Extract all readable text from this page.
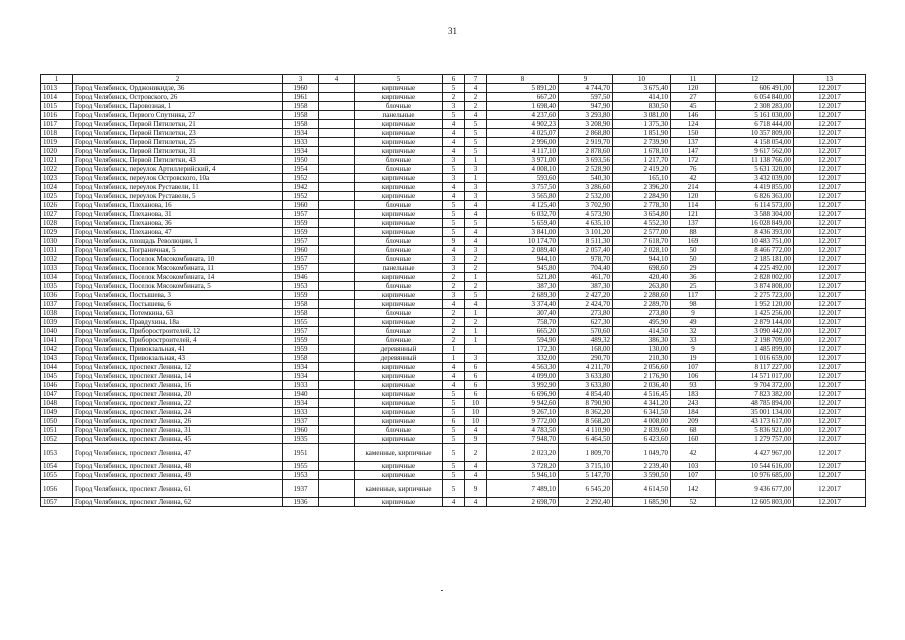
31
1	2	3	4	5	6	7	8	9	10	11	12	13
1013	Город Челябинск, Орджоникидзе, 36	1960		кирпичные	5	4	5 891,20	4 744,70	3 675,40	120	606 491,00	12.2017
1014	Город Челябинск, Островского, 26	1961		кирпичные	2	2	667,20	597,50	414,10	27	6 054 840,00	12.2017
1015	Город Челябинск, Паровозная, 1	1958		блочные	3	2	1 698,40	947,90	830,50	45	2 308 283,00	12.2017
1016	Город Челябинск, Первого Спутника, 27	1958		панельные	5	4	4 237,60	3 293,80	3 081,00	146	5 161 030,00	12.2017
1017	Город Челябинск, Первой Пятилетки, 21	1958		кирпичные	4	5	4 902,23	3 208,90	1 375,30	124	6 718 444,00	12.2017
1018	Город Челябинск, Первой Пятилетки, 23	1934		кирпичные	4	5	4 025,07	2 868,80	1 851,90	150	10 357 809,00	12.2017
1019	Город Челябинск, Первой Пятилетки, 25	1933		кирпичные	4	5	2 996,00	2 919,70	2 739,90	137	4 158 054,00	12.2017
1020	Город Челябинск, Первой Пятилетки, 31	1934		кирпичные	4	5	4 117,10	2 878,60	1 678,10	147	9 617 562,00	12.2017
1021	Город Челябинск, Первой Пятилетки, 43	1950		блочные	3	1	3 971,00	3 693,56	1 217,70	172	11 138 766,00	12.2017
1022	Город Челябинск, переулок Артиллерийский, 4	1954		блочные	5	3	4 008,10	2 528,90	2 419,20	76	5 631 320,00	12.2017
1023	Город Челябинск, переулок Островского, 10а	1952		кирпичные	3	1	593,60	540,30	165,10	42	3 432 039,00	12.2017
1024	Город Челябинск, переулок Руставели, 11	1942		кирпичные	4	3	3 757,50	3 286,60	2 396,20	214	4 419 855,00	12.2017
1025	Город Челябинск, переулок Руставели, 5	1952		кирпичные	4	3	3 565,80	2 532,00	2 284,90	120	6 826 363,00	12.2017
1026	Город Челябинск, Плеханова, 16	1960		блочные	5	4	4 125,40	3 702,90	2 778,30	114	6 114 573,00	12.2017
1027	Город Челябинск, Плеханова, 31	1957		кирпичные	5	4	6 032,70	4 573,90	3 654,80	121	3 588 304,00	12.2017
1028	Город Челябинск, Плеханова, 36	1959		кирпичные	5	5	5 659,40	4 635,10	4 552,30	137	16 028 849,00	12.2017
1029	Город Челябинск, Плеханова, 47	1959		кирпичные	5	4	3 841,00	3 101,20	2 577,00	88	8 436 393,00	12.2017
1030	Город Челябинск, площадь Революции, 1	1957		блочные	9	4	10 174,70	8 511,30	7 618,70	169	10 483 751,00	12.2017
1031	Город Челябинск, Пограничная, 5	1960		блочные	4	3	2 089,40	2 057,40	2 028,10	50	8 466 772,00	12.2017
1032	Город Челябинск, Поселок Мясокомбината, 10	1957		блочные	3	2	944,10	978,70	944,10	50	2 185 181,00	12.2017
1033	Город Челябинск, Поселок Мясокомбината, 11	1957		панельные	3	2	945,80	704,40	698,60	29	4 225 492,00	12.2017
1034	Город Челябинск, Поселок Мясокомбината, 14	1946		кирпичные	2	1	521,80	461,70	420,40	36	2 828 002,00	12.2017
1035	Город Челябинск, Поселок Мясокомбината, 5	1953		блочные	2	2	387,30	387,30	263,80	25	3 874 808,00	12.2017
1036	Город Челябинск, Постышева, 3	1959		кирпичные	3	5	2 689,30	2 427,20	2 288,60	117	2 275 723,00	12.2017
1037	Город Челябинск, Постышева, 6	1958		кирпичные	4	4	3 374,40	2 424,70	2 289,70	98	1 952 120,00	12.2017
1038	Город Челябинск, Потемкина, 63	1958		блочные	2	1	307,40	273,80	273,80	9	1 425 256,00	12.2017
1039	Город Челябинск, Правдухина, 18а	1955		кирпичные	2	2	758,70	627,30	495,90	49	2 879 144,00	12.2017
1040	Город Челябинск, Приборостроителей, 12	1957		блочные	2	1	665,20	570,60	414,50	32	3 090 442,00	12.2017
1041	Город Челябинск, Приборостроителей, 4	1959		блочные	2	1	594,90	489,32	386,30	33	2 198 709,00	12.2017
1042	Город Челябинск, Привокзальная, 41	1959		деревянный	1		172,30	168,00	130,00	9	1 485 899,00	12.2017
1043	Город Челябинск, Привокзальная, 43	1958		деревянный	1	3	332,00	290,70	210,30	19	1 016 659,00	12.2017
1044	Город Челябинск, проспект Ленина, 12	1934		кирпичные	4	6	4 563,30	4 211,70	2 056,60	107	8 117 227,00	12.2017
1045	Город Челябинск, проспект Ленина, 14	1934		кирпичные	4	6	4 099,00	3 633,80	2 176,90	106	14 571 017,00	12.2017
1046	Город Челябинск, проспект Ленина, 16	1933		кирпичные	4	6	3 992,90	3 633,80	2 036,40	93	9 704 372,00	12.2017
1047	Город Челябинск, проспект Ленина, 20	1940		кирпичные	5	6	6 696,90	4 854,40	4 516,45	183	7 823 382,00	12.2017
1048	Город Челябинск, проспект Ленина, 22	1934		кирпичные	5	10	9 942,60	8 790,90	4 341,20	243	48 785 894,00	12.2017
1049	Город Челябинск, проспект Ленина, 24	1933		кирпичные	5	10	9 267,10	8 362,20	6 341,50	184	35 001 134,00	12.2017
1050	Город Челябинск, проспект Ленина, 26	1937		кирпичные	6	10	9 772,00	8 568,20	4 008,00	209	43 173 617,00	12.2017
1051	Город Челябинск, проспект Ленина, 31	1960		блочные	5	4	4 783,50	4 110,90	2 839,60	68	5 836 921,00	12.2017
1052	Город Челябинск, проспект Ленина, 45	1935		кирпичные	5	9	7 948,70	6 464,50	6 423,60	160	1 279 757,00	12.2017
1053	Город Челябинск, проспект Ленина, 47	1951		каменные, кирпичные	5	2	2 023,20	1 809,70	1 049,70	42	4 427 967,00	12.2017
1054	Город Челябинск, проспект Ленина, 48	1955		кирпичные	5	4	3 728,20	3 715,10	2 239,40	103	10 544 616,00	12.2017
1055	Город Челябинск, проспект Ленина, 49	1953		кирпичные	5	4	5 946,10	5 147,70	3 590,50	107	10 976 685,00	12.2017
1056	Город Челябинск, проспект Ленина, 61	1937		каменные, кирпичные	5	9	7 489,10	6 545,20	4 614,50	142	9 436 677,00	12.2017
1057	Город Челябинск, проспект Ленина, 62	1936		кирпичные	4	4	2 698,70	2 292,40	1 685,90	52	12 605 803,00	12.2017
